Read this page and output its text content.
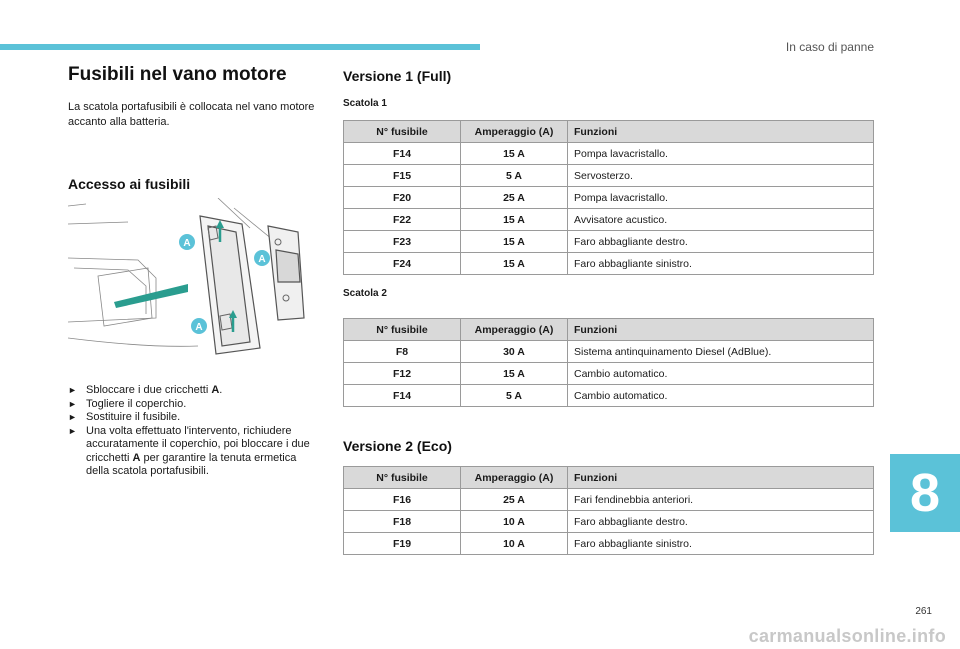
In caso di panne
8
261
carmanualsonline.info
Fusibili nel vano motore

La scatola portafusibili è collocata nel vano motore accanto alla batteria.

Accesso ai fusibili
A
A
A
► Sbloccare i due cricchetti A.
► Togliere il coperchio.
► Sostituire il fusibile.
► Una volta effettuato l'intervento, richiudere accuratamente il coperchio, poi bloccare i due cricchetti A per garantire la tenuta ermetica della scatola portafusibili.
Versione 1 (Full)
Scatola 1
N° fusibile	Amperaggio (A)	Funzioni
F14	15 A	Pompa lavacristallo.
F15	5 A	Servosterzo.
F20	25 A	Pompa lavacristallo.
F22	15 A	Avvisatore acustico.
F23	15 A	Faro abbagliante destro.
F24	15 A	Faro abbagliante sinistro.
Scatola 2
N° fusibile	Amperaggio (A)	Funzioni
F8	30 A	Sistema antinquinamento Diesel (AdBlue).
F12	15 A	Cambio automatico.
F14	5 A	Cambio automatico.
Versione 2 (Eco)
N° fusibile	Amperaggio (A)	Funzioni
F16	25 A	Fari fendinebbia anteriori.
F18	10 A	Faro abbagliante destro.
F19	10 A	Faro abbagliante sinistro.
